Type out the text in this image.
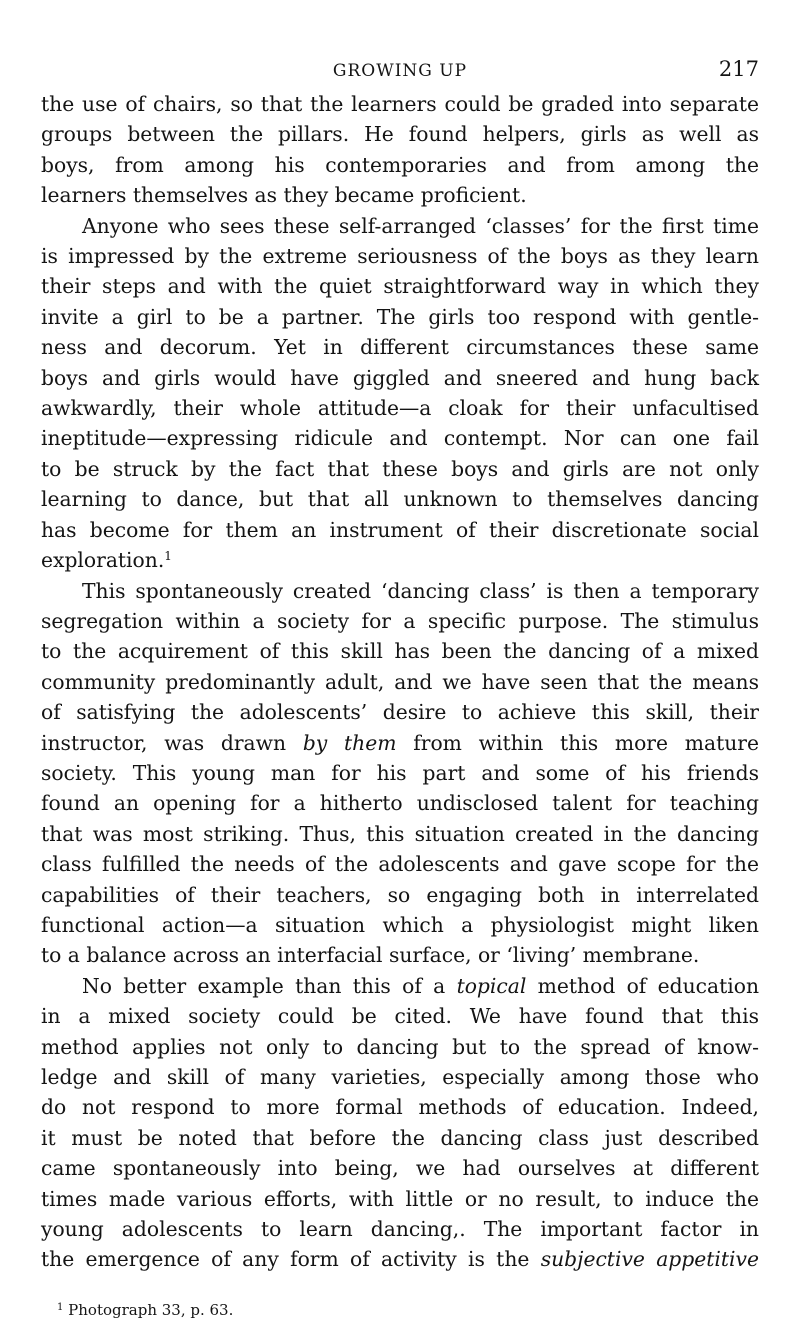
GROWING UP	217
the use of chairs, so that the learners could be graded into separate
groups between the pillars. He found helpers, girls as well as
boys, from among his contemporaries and from among the
learners themselves as they became proficient.
Anyone who sees these self-arranged ‘classes’ for the first time
is impressed by the extreme seriousness of the boys as they learn
their steps and with the quiet straightforward way in which they
invite a girl to be a partner. The girls too respond with gentle-
ness and decorum. Yet in different circumstances these same
boys and girls would have giggled and sneered and hung back
awkwardly, their whole attitude—a cloak for their unfacultised
ineptitude—expressing ridicule and contempt. Nor can one fail
to be struck by the fact that these boys and girls are not only
learning to dance, but that all unknown to themselves dancing
has become for them an instrument of their discretionate social
exploration.$^1$
This spontaneously created ‘dancing class’ is then a temporary
segregation within a society for a specific purpose. The stimulus
to the acquirement of this skill has been the dancing of a mixed
community predominantly adult, and we have seen that the means
of satisfying the adolescents’ desire to achieve this skill, their
instructor, was drawn by them from within this more mature
society. This young man for his part and some of his friends
found an opening for a hitherto undisclosed talent for teaching
that was most striking. Thus, this situation created in the dancing
class fulfilled the needs of the adolescents and gave scope for the
capabilities of their teachers, so engaging both in interrelated
functional action—a situation which a physiologist might liken
to a balance across an interfacial surface, or ‘living’ membrane.
No better example than this of a topical method of education
in a mixed society could be cited. We have found that this
method applies not only to dancing but to the spread of know-
ledge and skill of many varieties, especially among those who
do not respond to more formal methods of education. Indeed,
it must be noted that before the dancing class just described
came spontaneously into being, we had ourselves at different
times made various efforts, with little or no result, to induce the
young adolescents to learn dancing,. The important factor in
the emergence of any form of activity is the subjective appetitive
$^1$ Photograph 33, p. 63.
